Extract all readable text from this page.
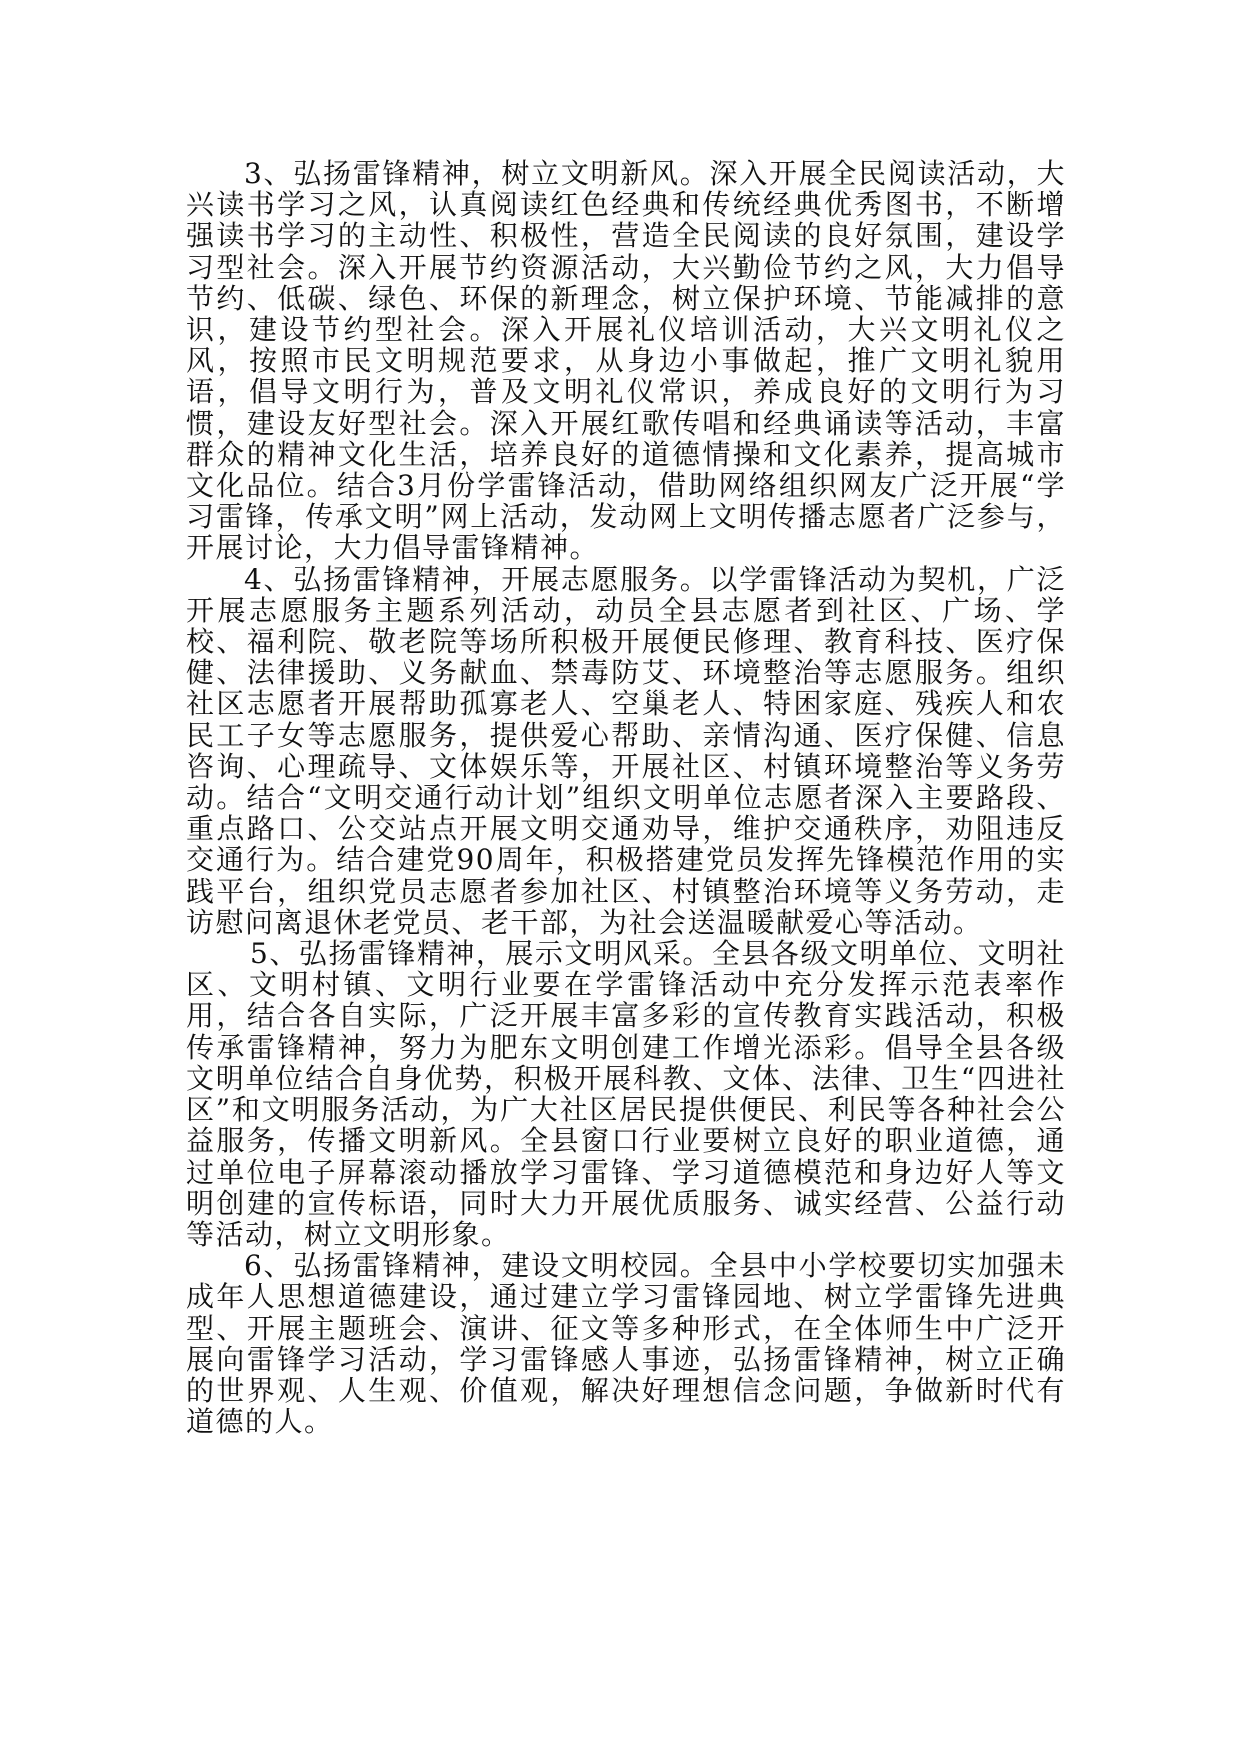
3、弘扬雷锋精神，树立文明新风。深入开展全民阅读活动，大兴读书学习之风，认真阅读红色经典和传统经典优秀图书，不断增强读书学习的主动性、积极性，营造全民阅读的良好氛围，建设学习型社会。深入开展节约资源活动，大兴勤俭节约之风，大力倡导节约、低碳、绿色、环保的新理念，树立保护环境、节能减排的意识，建设节约型社会。深入开展礼仪培训活动，大兴文明礼仪之风，按照市民文明规范要求，从身边小事做起，推广文明礼貌用语，倡导文明行为，普及文明礼仪常识，养成良好的文明行为习惯，建设友好型社会。深入开展红歌传唱和经典诵读等活动，丰富群众的精神文化生活，培养良好的道德情操和文化素养，提高城市文化品位。结合3月份学雷锋活动，借助网络组织网友广泛开展“学习雷锋，传承文明”网上活动，发动网上文明传播志愿者广泛参与，开展讨论，大力倡导雷锋精神。

4、弘扬雷锋精神，开展志愿服务。以学雷锋活动为契机，广泛开展志愿服务主题系列活动，动员全县志愿者到社区、广场、学校、福利院、敬老院等场所积极开展便民修理、教育科技、医疗保健、法律援助、义务献血、禁毒防艾、环境整治等志愿服务。组织社区志愿者开展帮助孤寡老人、空巢老人、特困家庭、残疾人和农民工子女等志愿服务，提供爱心帮助、亲情沟通、医疗保健、信息咨询、心理疏导、文体娱乐等，开展社区、村镇环境整治等义务劳动。结合“文明交通行动计划”组织文明单位志愿者深入主要路段、重点路口、公交站点开展文明交通劝导，维护交通秩序，劝阻违反交通行为。结合建党90周年，积极搭建党员发挥先锋模范作用的实践平台，组织党员志愿者参加社区、村镇整治环境等义务劳动，走访慰问离退休老党员、老干部，为社会送温暖献爱心等活动。

5、弘扬雷锋精神，展示文明风采。全县各级文明单位、文明社区、文明村镇、文明行业要在学雷锋活动中充分发挥示范表率作用，结合各自实际，广泛开展丰富多彩的宣传教育实践活动，积极传承雷锋精神，努力为肥东文明创建工作增光添彩。倡导全县各级文明单位结合自身优势，积极开展科教、文体、法律、卫生“四进社区”和文明服务活动，为广大社区居民提供便民、利民等各种社会公益服务，传播文明新风。全县窗口行业要树立良好的职业道德，通过单位电子屏幕滚动播放学习雷锋、学习道德模范和身边好人等文明创建的宣传标语，同时大力开展优质服务、诚实经营、公益行动等活动，树立文明形象。

6、弘扬雷锋精神，建设文明校园。全县中小学校要切实加强未成年人思想道德建设，通过建立学习雷锋园地、树立学雷锋先进典型、开展主题班会、演讲、征文等多种形式，在全体师生中广泛开展向雷锋学习活动，学习雷锋感人事迹，弘扬雷锋精神，树立正确的世界观、人生观、价值观，解决好理想信念问题，争做新时代有道德的人。
